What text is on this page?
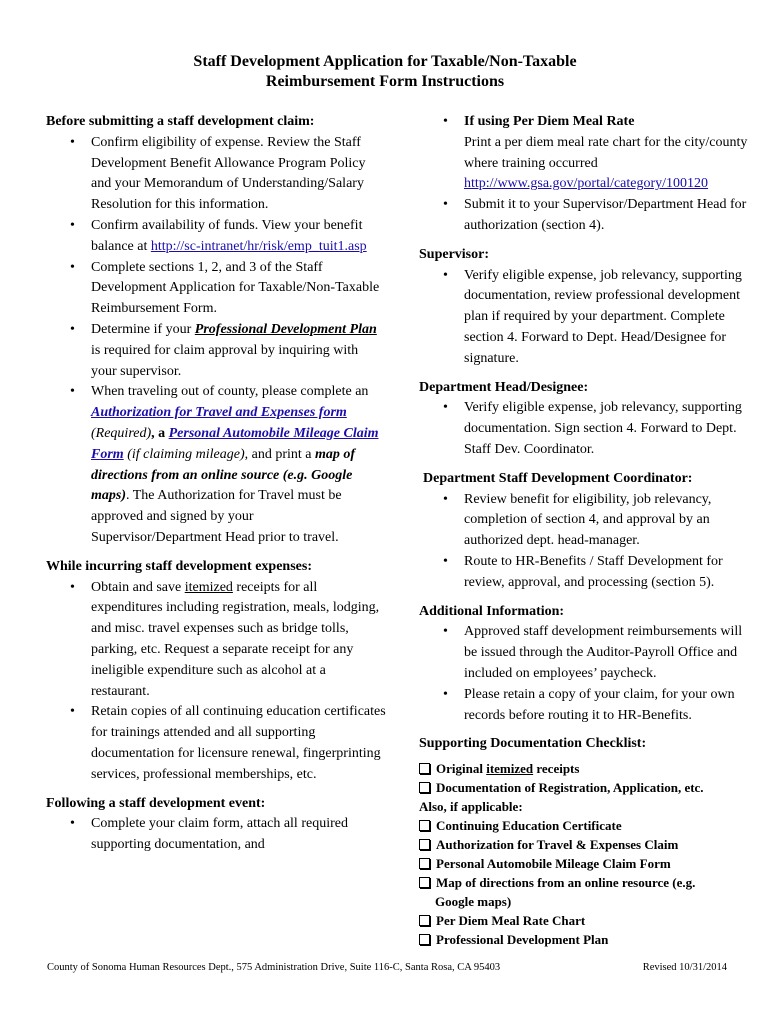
Staff Development Application for Taxable/Non-Taxable
Reimbursement Form Instructions

Before submitting a staff development claim:

• Confirm eligibility of expense. Review the Staff Development Benefit Allowance Program Policy and your Memorandum of Understanding/Salary Resolution for this information.
• Confirm availability of funds. View your benefit balance at http://sc-intranet/hr/risk/emp_tuit1.asp
• Complete sections 1, 2, and 3 of the Staff Development Application for Taxable/Non-Taxable Reimbursement Form.
• Determine if your Professional Development Plan is required for claim approval by inquiring with your supervisor.
• When traveling out of county, please complete an Authorization for Travel and Expenses form (Required), a Personal Automobile Mileage Claim Form (if claiming mileage), and print a map of directions from an online source (e.g. Google maps). The Authorization for Travel must be approved and signed by your Supervisor/Department Head prior to travel.

While incurring staff development expenses:

• Obtain and save itemized receipts for all expenditures including registration, meals, lodging, and misc. travel expenses such as bridge tolls, parking, etc. Request a separate receipt for any ineligible expenditure such as alcohol at a restaurant.
• Retain copies of all continuing education certificates for trainings attended and all supporting documentation for licensure renewal, fingerprinting services, professional memberships, etc.

Following a staff development event:

• Complete your claim form, attach all required supporting documentation, and
• If using Per Diem Meal Rate
Print a per diem meal rate chart for the city/county where training occurred http://www.gsa.gov/portal/category/100120
• Submit it to your Supervisor/Department Head for authorization (section 4).

Supervisor:

• Verify eligible expense, job relevancy, supporting documentation, review professional development plan if required by your department. Complete section 4. Forward to Dept. Head/Designee for signature.

Department Head/Designee:

• Verify eligible expense, job relevancy, supporting documentation. Sign section 4. Forward to Dept. Staff Dev. Coordinator.

Department Staff Development Coordinator:

• Review benefit for eligibility, job relevancy, completion of section 4, and approval by an authorized dept. head-manager.
• Route to HR-Benefits / Staff Development for review, approval, and processing (section 5).

Additional Information:

• Approved staff development reimbursements will be issued through the Auditor-Payroll Office and included on employees’ paycheck.
• Please retain a copy of your claim, for your own records before routing it to HR-Benefits.

Supporting Documentation Checklist:

Original itemized receipts
Documentation of Registration, Application, etc.
Also, if applicable:
Continuing Education Certificate
Authorization for Travel & Expenses Claim
Personal Automobile Mileage Claim Form
Map of directions from an online resource (e.g.
Google maps)
Per Diem Meal Rate Chart
Professional Development Plan
County of Sonoma Human Resources Dept., 575 Administration Drive, Suite 116-C, Santa Rosa, CA 95403	Revised 10/31/2014
